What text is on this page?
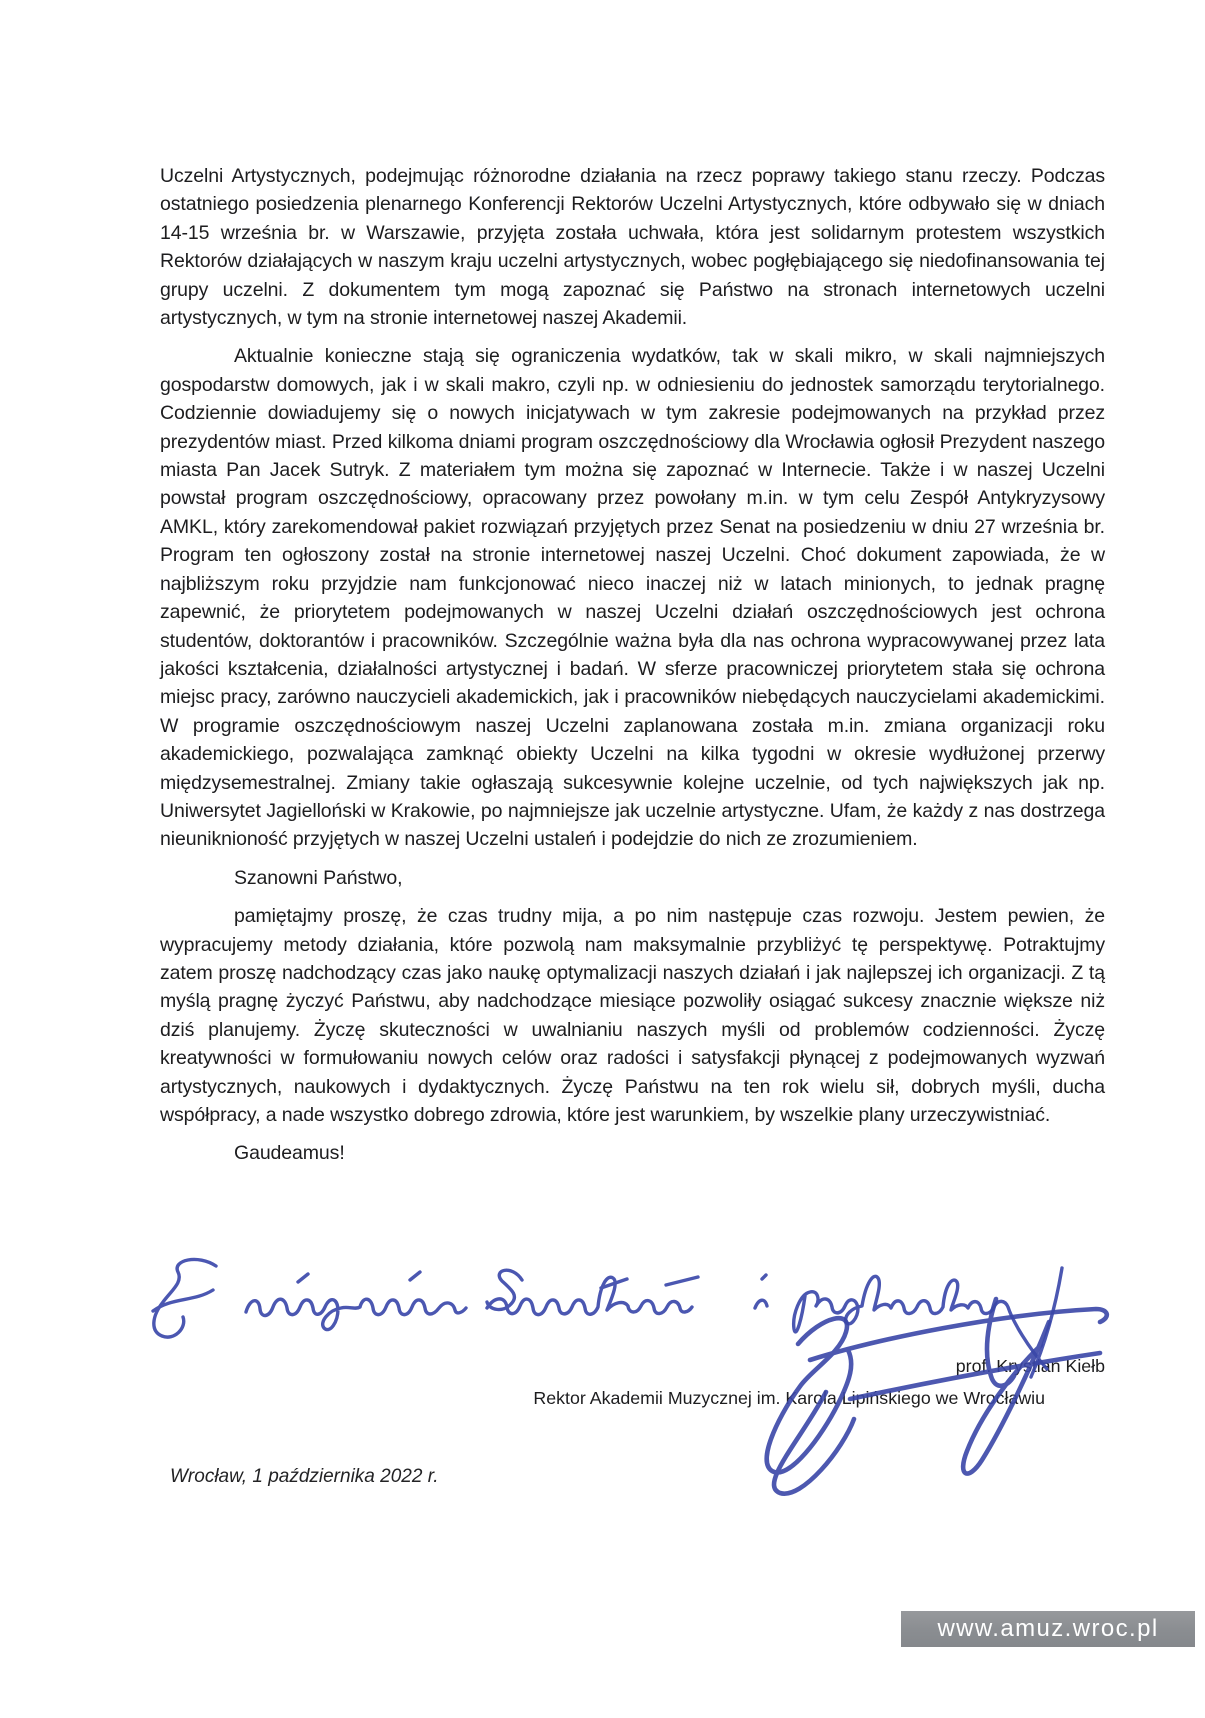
Uczelni Artystycznych, podejmując różnorodne działania na rzecz poprawy takiego stanu rzeczy. Podczas ostatniego posiedzenia plenarnego Konferencji Rektorów Uczelni Artystycznych, które odbywało się w dniach 14-15 września br. w Warszawie, przyjęta została uchwała, która jest solidarnym protestem wszystkich Rektorów działających w naszym kraju uczelni artystycznych, wobec pogłębiającego się niedofinansowania tej grupy uczelni. Z dokumentem tym mogą zapoznać się Państwo na stronach internetowych uczelni artystycznych, w tym na stronie internetowej naszej Akademii.

Aktualnie konieczne stają się ograniczenia wydatków, tak w skali mikro, w skali najmniejszych gospodarstw domowych, jak i w skali makro, czyli np. w odniesieniu do jednostek samorządu terytorialnego. Codziennie dowiadujemy się o nowych inicjatywach w tym zakresie podejmowanych na przykład przez prezydentów miast. Przed kilkoma dniami program oszczędnościowy dla Wrocławia ogłosił Prezydent naszego miasta Pan Jacek Sutryk. Z materiałem tym można się zapoznać w Internecie. Także i w naszej Uczelni powstał program oszczędnościowy, opracowany przez powołany m.in. w tym celu Zespół Antykryzysowy AMKL, który zarekomendował pakiet rozwiązań przyjętych przez Senat na posiedzeniu w dniu 27 września br. Program ten ogłoszony został na stronie internetowej naszej Uczelni. Choć dokument zapowiada, że w najbliższym roku przyjdzie nam funkcjonować nieco inaczej niż w latach minionych, to jednak pragnę zapewnić, że priorytetem podejmowanych w naszej Uczelni działań oszczędnościowych jest ochrona studentów, doktorantów i pracowników. Szczególnie ważna była dla nas ochrona wypracowywanej przez lata jakości kształcenia, działalności artystycznej i badań. W sferze pracowniczej priorytetem stała się ochrona miejsc pracy, zarówno nauczycieli akademickich, jak i pracowników niebędących nauczycielami akademickimi. W programie oszczędnościowym naszej Uczelni zaplanowana została m.in. zmiana organizacji roku akademickiego, pozwalająca zamknąć obiekty Uczelni na kilka tygodni w okresie wydłużonej przerwy międzysemestralnej. Zmiany takie ogłaszają sukcesywnie kolejne uczelnie, od tych największych jak np. Uniwersytet Jagielloński w Krakowie, po najmniejsze jak uczelnie artystyczne. Ufam, że każdy z nas dostrzega nieuniknioność przyjętych w naszej Uczelni ustaleń i podejdzie do nich ze zrozumieniem.

Szanowni Państwo,

pamiętajmy proszę, że czas trudny mija, a po nim następuje czas rozwoju. Jestem pewien, że wypracujemy metody działania, które pozwolą nam maksymalnie przybliżyć tę perspektywę. Potraktujmy zatem proszę nadchodzący czas jako naukę optymalizacji naszych działań i jak najlepszej ich organizacji. Z tą myślą pragnę życzyć Państwu, aby nadchodzące miesiące pozwoliły osiągać sukcesy znacznie większe niż dziś planujemy. Życzę skuteczności w uwalnianiu naszych myśli od problemów codzienności. Życzę kreatywności w formułowaniu nowych celów oraz radości i satysfakcji płynącej z podejmowanych wyzwań artystycznych, naukowych i dydaktycznych. Życzę Państwu na ten rok wielu sił, dobrych myśli, ducha współpracy, a nade wszystko dobrego zdrowia, które jest warunkiem, by wszelkie plany urzeczywistniać.

Gaudeamus!

prof. Krystian Kiełb
Rektor Akademii Muzycznej im. Karola Lipińskiego we Wrocławiu
Wrocław, 1 października 2022 r.
www.amuz.wroc.pl
